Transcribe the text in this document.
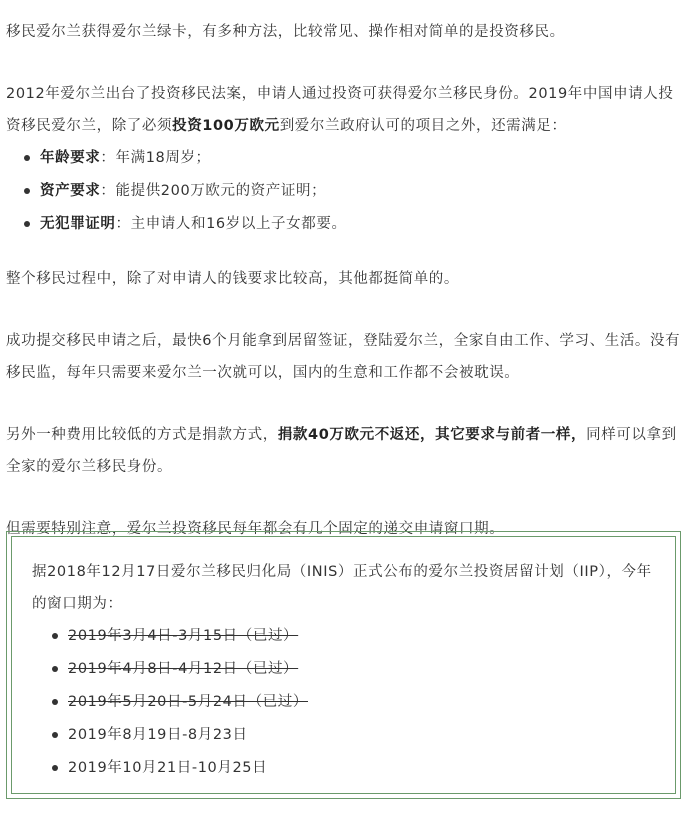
移民爱尔兰获得爱尔兰绿卡，有多种方法，比较常见、操作相对简单的是投资移民。

2012年爱尔兰出台了投资移民法案，申请人通过投资可获得爱尔兰移民身份。2019年中国申请人投资移民爱尔兰，除了必须投资100万欧元到爱尔兰政府认可的项目之外，还需满足：

年龄要求：年满18周岁；
资产要求：能提供200万欧元的资产证明；
无犯罪证明：主申请人和16岁以上子女都要。

整个移民过程中，除了对申请人的钱要求比较高，其他都挺简单的。

成功提交移民申请之后，最快6个月能拿到居留签证，登陆爱尔兰，全家自由工作、学习、生活。没有移民监，每年只需要来爱尔兰一次就可以，国内的生意和工作都不会被耽误。

另外一种费用比较低的方式是捐款方式，捐款40万欧元不返还，其它要求与前者一样，同样可以拿到全家的爱尔兰移民身份。

但需要特别注意，爱尔兰投资移民每年都会有几个固定的递交申请窗口期。

据2018年12月17日爱尔兰移民归化局（INIS）正式公布的爱尔兰投资居留计划（IIP），今年的窗口期为：

2019年3月4日-3月15日（已过）
2019年4月8日-4月12日（已过）
2019年5月20日-5月24日（已过）
2019年8月19日-8月23日
2019年10月21日-10月25日
